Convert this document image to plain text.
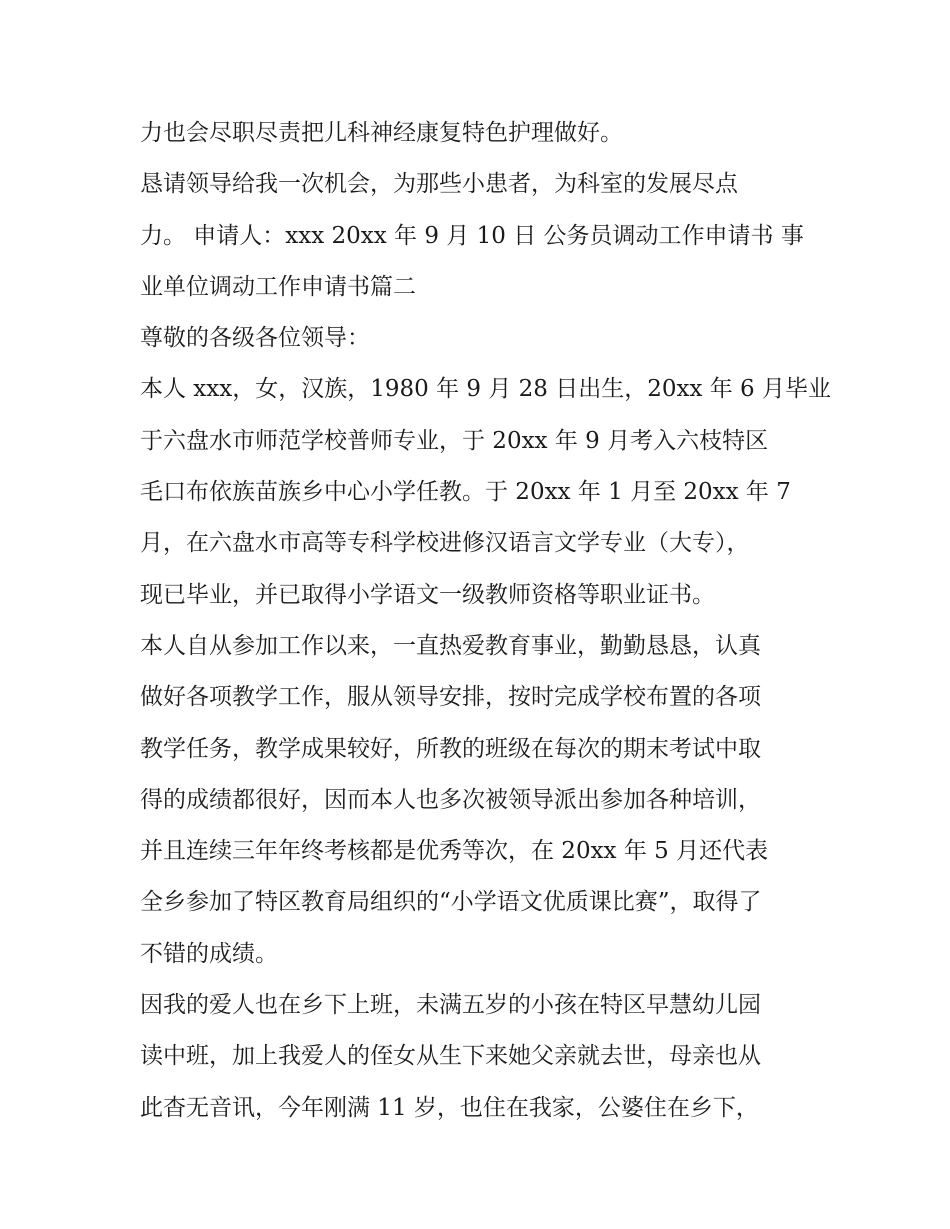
力也会尽职尽责把儿科神经康复特色护理做好。
恳请领导给我一次机会，为那些小患者，为科室的发展尽点
力。 申请人：xxx 20xx 年 9 月 10 日 公务员调动工作申请书 事
业单位调动工作申请书篇二
尊敬的各级各位领导：
本人 xxx，女，汉族，1980 年 9 月 28 日出生，20xx 年 6 月毕业
于六盘水市师范学校普师专业，于 20xx 年 9 月考入六枝特区
毛口布依族苗族乡中心小学任教。于 20xx 年 1 月至 20xx 年 7
月，在六盘水市高等专科学校进修汉语言文学专业（大专），
现已毕业，并已取得小学语文一级教师资格等职业证书。
本人自从参加工作以来，一直热爱教育事业，勤勤恳恳，认真
做好各项教学工作，服从领导安排，按时完成学校布置的各项
教学任务，教学成果较好，所教的班级在每次的期末考试中取
得的成绩都很好，因而本人也多次被领导派出参加各种培训，
并且连续三年年终考核都是优秀等次，在 20xx 年 5 月还代表
全乡参加了特区教育局组织的“小学语文优质课比赛”，取得了
不错的成绩。
因我的爱人也在乡下上班，未满五岁的小孩在特区早慧幼儿园
读中班，加上我爱人的侄女从生下来她父亲就去世，母亲也从
此杳无音讯，今年刚满 11 岁，也住在我家，公婆住在乡下，
